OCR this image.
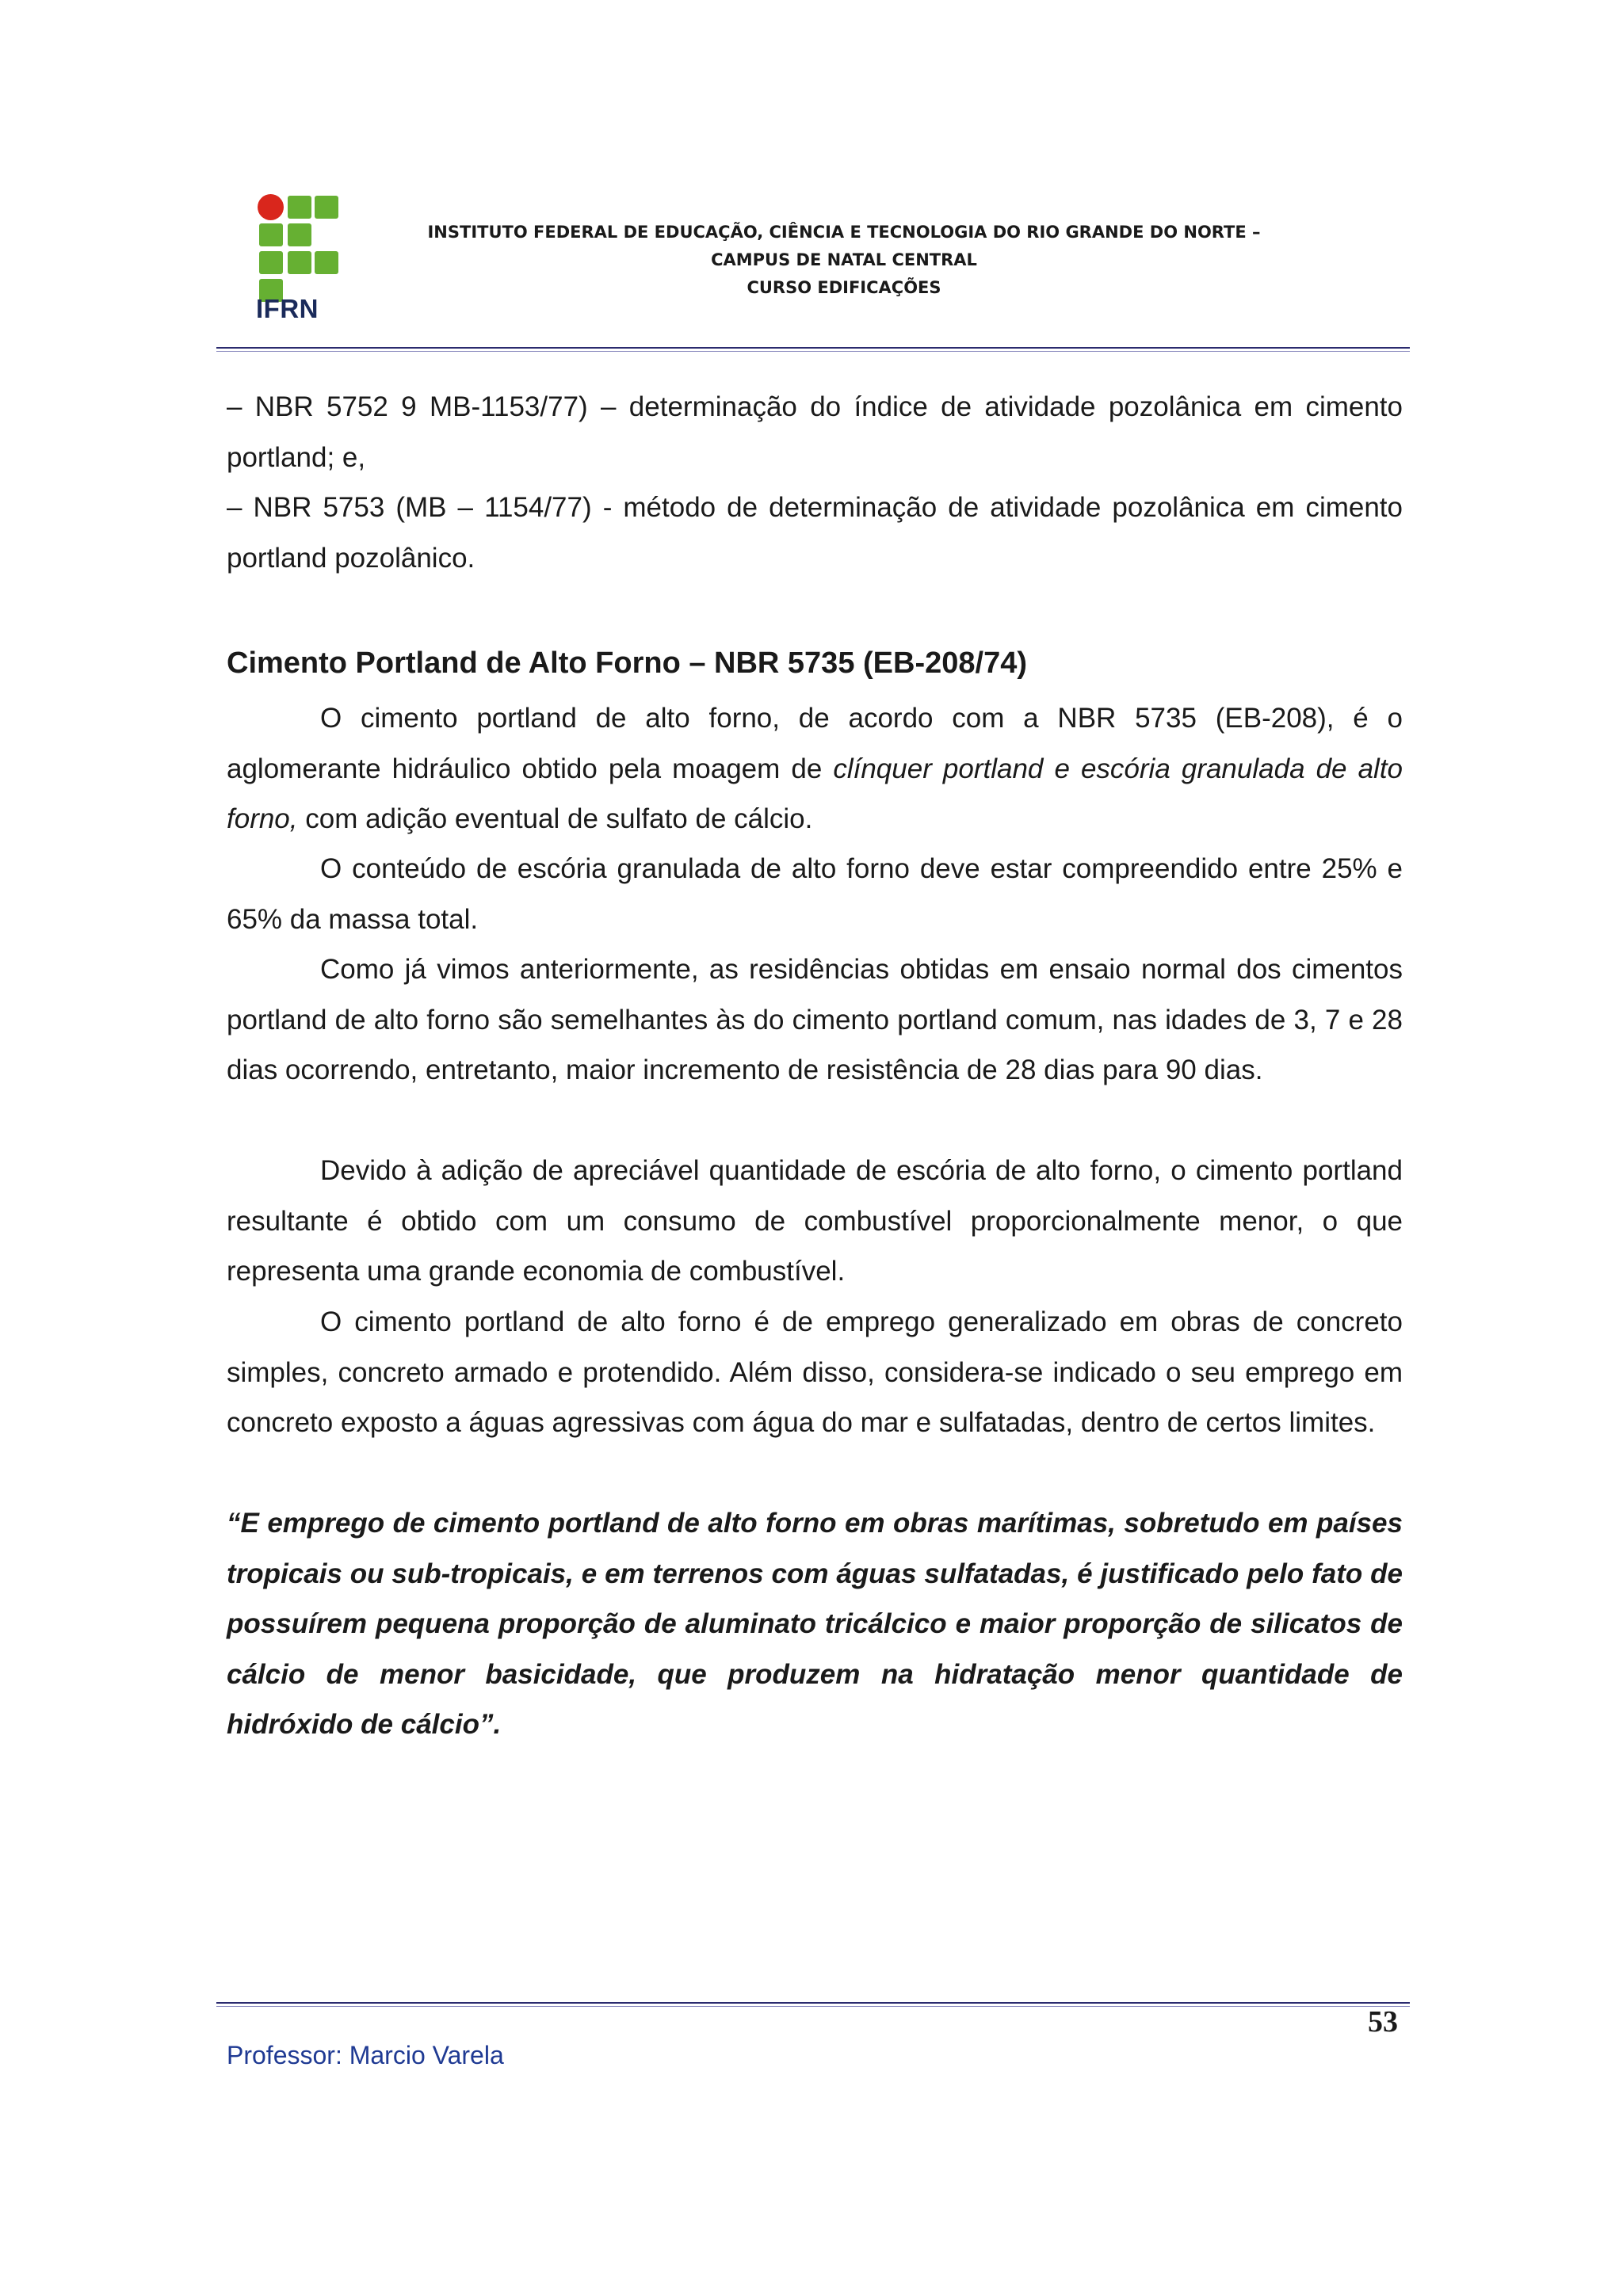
IFRN
INSTITUTO FEDERAL DE EDUCAÇÃO, CIÊNCIA E TECNOLOGIA DO RIO GRANDE DO NORTE –
CAMPUS DE NATAL CENTRAL
CURSO EDIFICAÇÕES
– NBR 5752 9 MB-1153/77) – determinação do índice de atividade pozolânica em cimento portland; e,
– NBR 5753 (MB – 1154/77) - método de determinação de atividade pozolânica em cimento portland pozolânico.
Cimento Portland de Alto Forno – NBR 5735 (EB-208/74)
O cimento portland de alto forno, de acordo com a NBR 5735 (EB-208), é o aglomerante hidráulico obtido pela moagem de clínquer portland e escória granulada de alto forno, com adição eventual de sulfato de cálcio.
O conteúdo de escória granulada de alto forno deve estar compreendido entre 25% e 65% da massa total.
Como já vimos anteriormente, as residências obtidas em ensaio normal dos cimentos portland de alto forno são semelhantes às do cimento portland comum, nas idades de 3, 7 e 28 dias ocorrendo, entretanto, maior incremento de resistência de 28 dias para 90 dias.
Devido à adição de apreciável quantidade de escória de alto forno, o cimento portland resultante é obtido com um consumo de combustível proporcionalmente menor, o que representa uma grande economia de combustível.
O cimento portland de alto forno é de emprego generalizado em obras de concreto simples, concreto armado e protendido. Além disso, considera-se indicado o seu emprego em concreto exposto a águas agressivas com água do mar e sulfatadas, dentro de certos limites.
“E emprego de cimento portland de alto forno em obras marítimas, sobretudo em países tropicais ou sub-tropicais, e em terrenos com águas sulfatadas, é justificado pelo fato de possuírem pequena proporção de aluminato tricálcico e maior proporção de silicatos de cálcio de menor basicidade, que produzem na hidratação menor quantidade de hidróxido de cálcio”.
53
Professor: Marcio Varela
